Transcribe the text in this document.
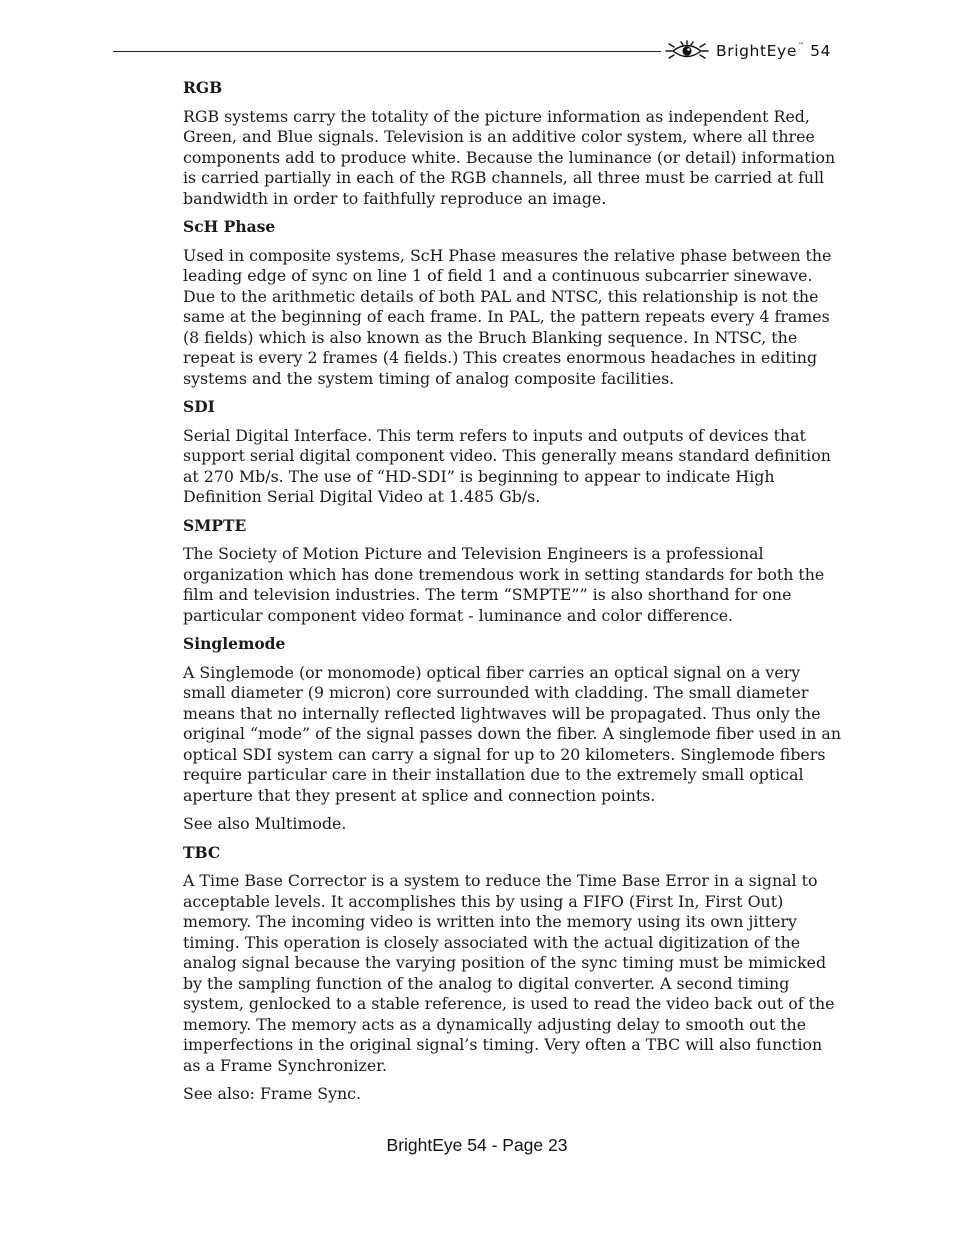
BrightEye™ 54
RGB

RGB systems carry the totality of the picture information as independent Red, Green, and Blue signals. Television is an additive color system, where all three components add to produce white. Because the luminance (or detail) information is carried partially in each of the RGB channels, all three must be carried at full bandwidth in order to faithfully reproduce an image.

ScH Phase

Used in composite systems, ScH Phase measures the relative phase between the leading edge of sync on line 1 of field 1 and a continuous subcarrier sinewave. Due to the arithmetic details of both PAL and NTSC, this relationship is not the same at the beginning of each frame. In PAL, the pattern repeats every 4 frames (8 fields) which is also known as the Bruch Blanking sequence. In NTSC, the repeat is every 2 frames (4 fields.) This creates enormous headaches in editing systems and the system timing of analog composite facilities.

SDI

Serial Digital Interface. This term refers to inputs and outputs of devices that support serial digital component video. This generally means standard definition at 270 Mb/s. The use of “HD-SDI” is beginning to appear to indicate High Definition Serial Digital Video at 1.485 Gb/s.

SMPTE

The Society of Motion Picture and Television Engineers is a professional organization which has done tremendous work in setting standards for both the film and television industries. The term “SMPTE”” is also shorthand for one particular component video format - luminance and color difference.

Singlemode

A Singlemode (or monomode) optical fiber carries an optical signal on a very small diameter (9 micron) core surrounded with cladding. The small diameter means that no internally reflected lightwaves will be propagated. Thus only the original “mode” of the signal passes down the fiber. A singlemode fiber used in an optical SDI system can carry a signal for up to 20 kilometers. Singlemode fibers require particular care in their installation due to the extremely small optical aperture that they present at splice and connection points.

See also Multimode.

TBC

A Time Base Corrector is a system to reduce the Time Base Error in a signal to acceptable levels. It accomplishes this by using a FIFO (First In, First Out) memory. The incoming video is written into the memory using its own jittery timing. This operation is closely associated with the actual digitization of the analog signal because the varying position of the sync timing must be mimicked by the sampling function of the analog to digital converter. A second timing system, genlocked to a stable reference, is used to read the video back out of the memory. The memory acts as a dynamically adjusting delay to smooth out the imperfections in the original signal’s timing. Very often a TBC will also function as a Frame Synchronizer.

See also: Frame Sync.

BrightEye 54 - Page 23
